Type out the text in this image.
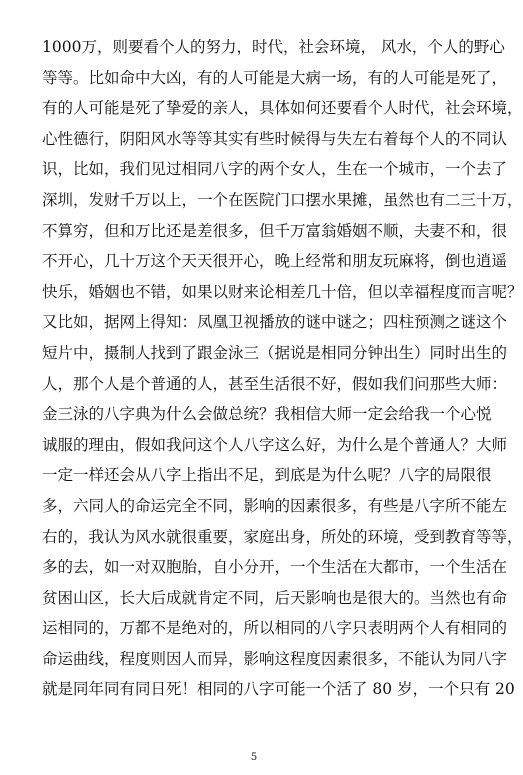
1000万，则要看个人的努力，时代，社会环境， 风水，个人的野心
等等。比如命中大凶，有的人可能是大病一场，有的人可能是死了，
有的人可能是死了挚爱的亲人，具体如何还要看个人时代，社会环境，
心性德行，阴阳风水等等其实有些时候得与失左右着每个人的不同认
识，比如，我们见过相同八字的两个女人，生在一个城市，一个去了
深圳，发财千万以上，一个在医院门口摆水果摊，虽然也有二三十万，
不算穷，但和万比还是差很多，但千万富翁婚姻不顺，夫妻不和，很
不开心，几十万这个天天很开心，晚上经常和朋友玩麻将，倒也逍遥
快乐，婚姻也不错，如果以财来论相差几十倍，但以幸福程度而言呢？
又比如，据网上得知：凤凰卫视播放的谜中谜之；四柱预测之谜这个
短片中，摄制人找到了跟金泳三（据说是相同分钟出生）同时出生的
人，那个人是个普通的人，甚至生活很不好，假如我们问那些大师：
金三泳的八字典为什么会做总统？我相信大师一定会给我一个心悦
诚服的理由，假如我问这个人八字这么好，为什么是个普通人？大师
一定一样还会从八字上指出不足，到底是为什么呢？八字的局限很
多，六同人的命运完全不同，影响的因素很多，有些是八字所不能左
右的，我认为风水就很重要，家庭出身，所处的环境，受到教育等等，
多的去，如一对双胞胎，自小分开，一个生活在大都市，一个生活在
贫困山区，长大后成就肯定不同，后天影响也是很大的。当然也有命
运相同的，万都不是绝对的，所以相同的八字只表明两个人有相同的
命运曲线，程度则因人而异，影响这程度因素很多，不能认为同八字
就是同年同有同日死！相同的八字可能一个活了 80 岁，一个只有 20
5
